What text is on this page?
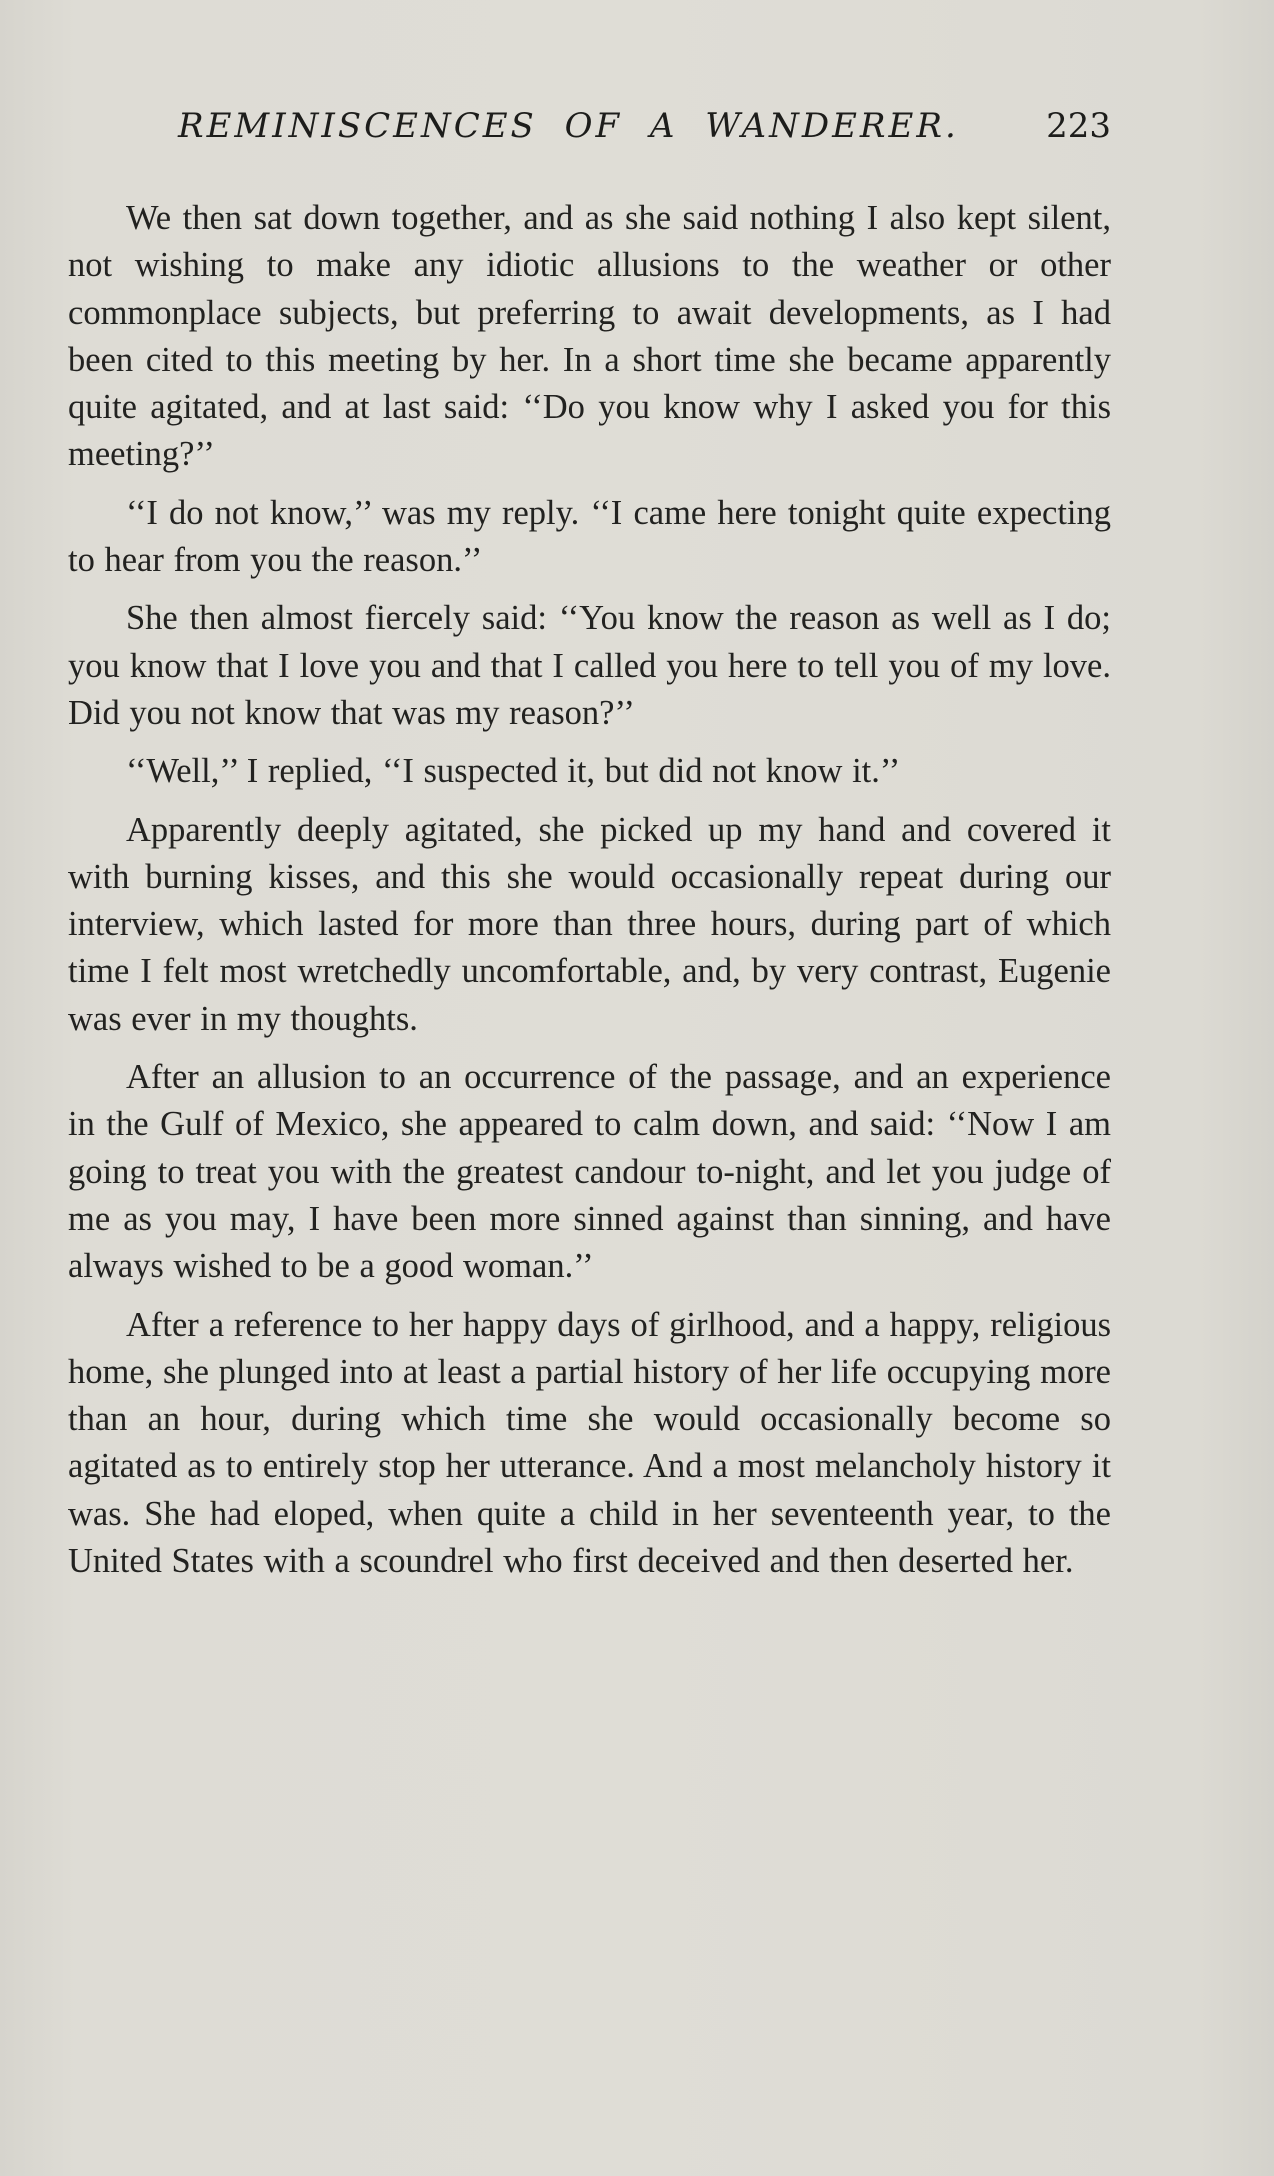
REMINISCENCES OF A WANDERER.	223

We then sat down together, and as she said nothing I also kept silent, not wishing to make any idiotic allusions to the weather or other commonplace subjects, but preferring to await developments, as I had been cited to this meeting by her. In a short time she became apparently quite agitated, and at last said: ‘‘Do you know why I asked you for this meeting?’’

‘‘I do not know,’’ was my reply. ‘‘I came here tonight quite expecting to hear from you the reason.’’

She then almost fiercely said: ‘‘You know the reason as well as I do; you know that I love you and that I called you here to tell you of my love. Did you not know that was my reason?’’

‘‘Well,’’ I replied, ‘‘I suspected it, but did not know it.’’

Apparently deeply agitated, she picked up my hand and covered it with burning kisses, and this she would occasionally repeat during our interview, which lasted for more than three hours, during part of which time I felt most wretchedly uncomfortable, and, by very contrast, Eugenie was ever in my thoughts.

After an allusion to an occurrence of the passage, and an experience in the Gulf of Mexico, she appeared to calm down, and said: ‘‘Now I am going to treat you with the greatest candour to-night, and let you judge of me as you may, I have been more sinned against than sinning, and have always wished to be a good woman.’’

After a reference to her happy days of girlhood, and a happy, religious home, she plunged into at least a partial history of her life occupying more than an hour, during which time she would occasionally become so agitated as to entirely stop her utterance. And a most melancholy history it was. She had eloped, when quite a child in her seventeenth year, to the United States with a scoundrel who first deceived and then deserted her.
